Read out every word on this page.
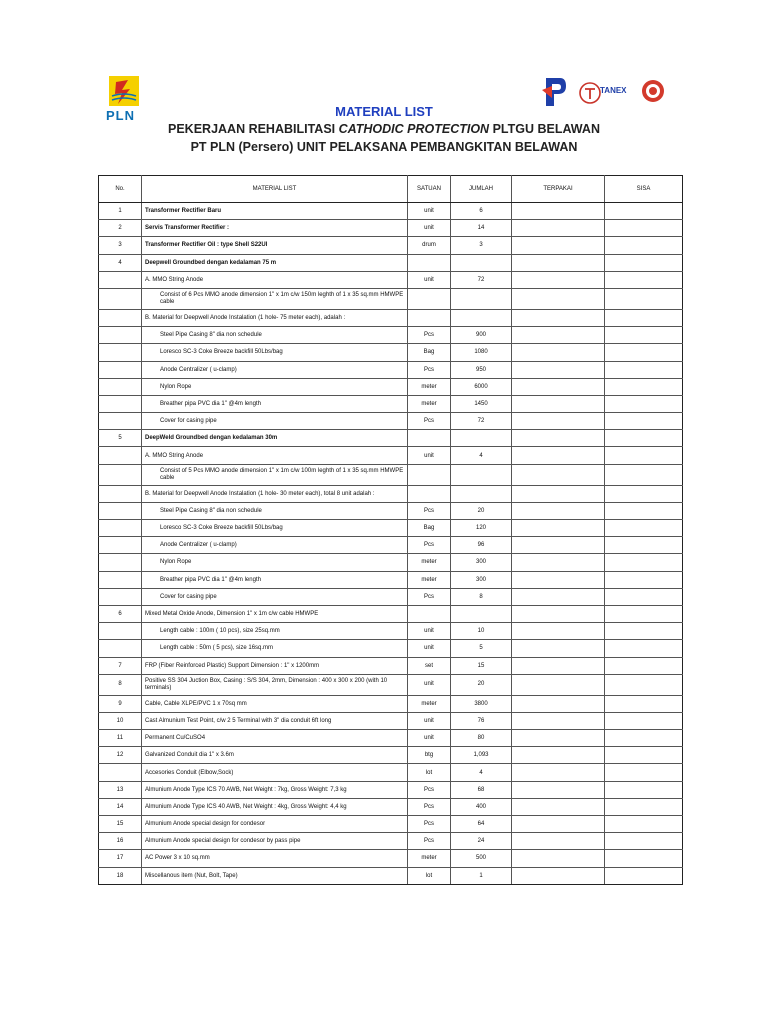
PLN
TANEX
MATERIAL LIST
PEKERJAAN REHABILITASI CATHODIC PROTECTION PLTGU BELAWAN
PT PLN (Persero) UNIT PELAKSANA PEMBANGKITAN BELAWAN
No.	MATERIAL LIST	SATUAN	JUMLAH	TERPAKAI	SISA
1	Transformer Rectifier Baru	unit	6		
2	Servis Transformer Rectifier :	unit	14		
3	Transformer Rectifier Oil : type Shell S22UI	drum	3		
4	Deepwell Groundbed dengan kedalaman 75 m				
	A. MMO String Anode	unit	72		
	Consist of 6 Pcs MMO anode dimension 1" x 1m c/w 150m leghth of 1 x 35 sq.mm HMWPE cable				
	B. Material for Deepwell Anode Instalation (1 hole- 75 meter each), adalah :				
	Steel Pipe Casing 8" dia non schedule	Pcs	900		
	Loresco SC-3 Coke Breeze backfill 50Lbs/bag	Bag	1080		
	Anode Centralizer ( u-clamp)	Pcs	950		
	Nylon Rope	meter	6000		
	Breather pipa PVC dia 1" @4m length	meter	1450		
	Cover for casing pipe	Pcs	72		
5	DeepWeld Groundbed dengan kedalaman 30m				
	A. MMO String Anode	unit	4		
	Consist of 5 Pcs MMO anode dimension 1" x 1m c/w 100m leghth of 1 x 35 sq.mm HMWPE cable				
	B. Material for Deepwell Anode Instalation (1 hole- 30 meter each), total 8 unit adalah :				
	Steel Pipe Casing 8" dia non schedule	Pcs	20		
	Loresco SC-3 Coke Breeze backfill 50Lbs/bag	Bag	120		
	Anode Centralizer ( u-clamp)	Pcs	96		
	Nylon Rope	meter	300		
	Breather pipa PVC dia 1" @4m length	meter	300		
	Cover for casing pipe	Pcs	8		
6	Mixed Metal Oxide Anode, Dimension 1" x 1m c/w cable HMWPE				
	Length cable : 100m ( 10 pcs), size 25sq.mm	unit	10		
	Length cable : 50m ( 5 pcs), size 16sq.mm	unit	5		
7	FRP (Fiber Reinforced Plastic) Support Dimension : 1" x 1200mm	set	15		
8	Positive SS 304 Juction Box, Casing : S/S 304, 2mm, Dimension : 400 x 300 x 200 (with 10 terminals)	unit	20		
9	Cable, Cable XLPE/PVC 1 x 70sq mm	meter	3800		
10	Cast Almunium Test Point, c/w 2 5 Terminal with 3" dia conduit 6ft long	unit	76		
11	Permanent Cu/CuSO4	unit	80		
12	Galvanized Conduit dia 1" x 3.6m	btg	1,093		
	Accesories Conduit (Elbow,Sock)	lot	4		
13	Almunium Anode Type ICS 70 AWB, Net Weight : 7kg, Gross Weight: 7,3 kg	Pcs	68		
14	Almunium Anode Type ICS 40 AWB, Net Weight : 4kg, Gross Weight: 4,4 kg	Pcs	400		
15	Almunium Anode special design for condesor	Pcs	64		
16	Almunium Anode special design for condesor by pass pipe	Pcs	24		
17	AC Power 3 x 10 sq.mm	meter	500		
18	Miscellanous item (Nut, Bolt, Tape)	lot	1		
